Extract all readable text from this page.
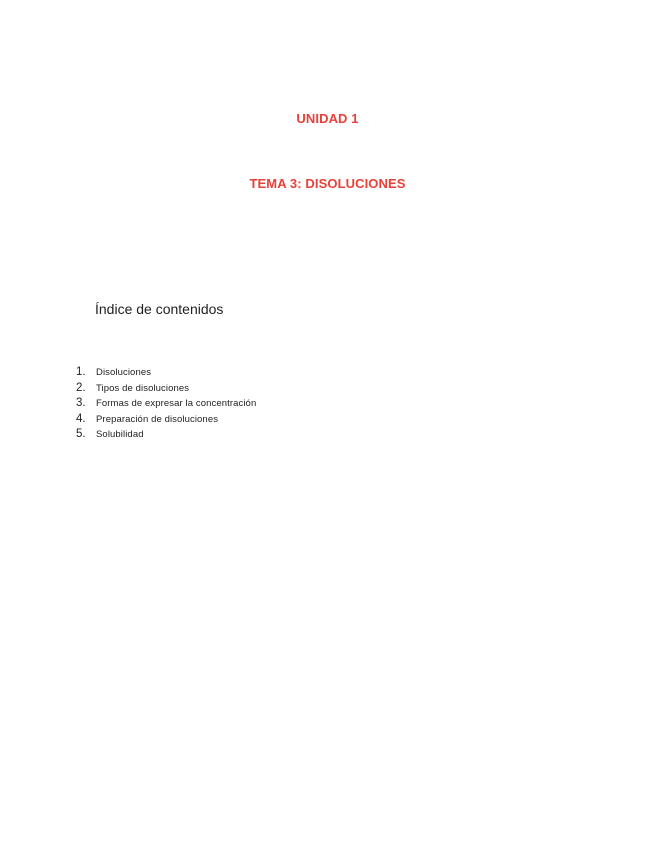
UNIDAD 1
TEMA 3: DISOLUCIONES
Índice de contenidos
1.	Disoluciones
2.	Tipos de disoluciones
3.	Formas de expresar la concentración
4.	Preparación de disoluciones
5.	Solubilidad
